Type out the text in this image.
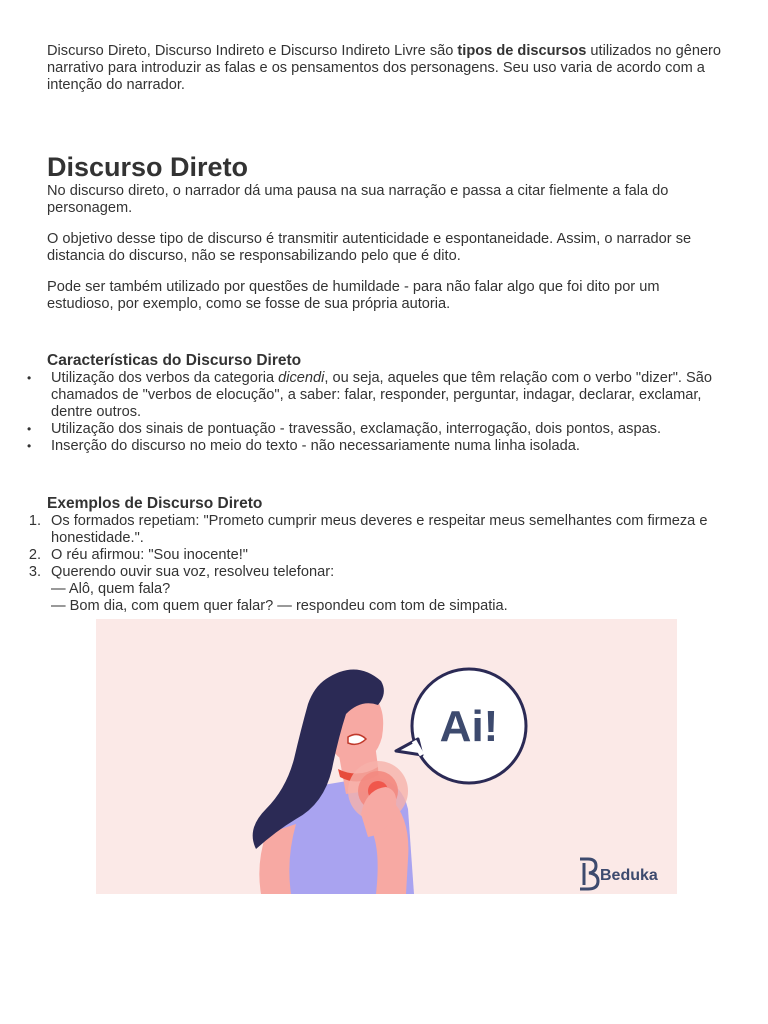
Discurso Direto, Discurso Indireto e Discurso Indireto Livre são tipos de discursos utilizados no gênero narrativo para introduzir as falas e os pensamentos dos personagens. Seu uso varia de acordo com a intenção do narrador.

Discurso Direto

No discurso direto, o narrador dá uma pausa na sua narração e passa a citar fielmente a fala do personagem.

O objetivo desse tipo de discurso é transmitir autenticidade e espontaneidade. Assim, o narrador se distancia do discurso, não se responsabilizando pelo que é dito.

Pode ser também utilizado por questões de humildade - para não falar algo que foi dito por um estudioso, por exemplo, como se fosse de sua própria autoria.

Características do Discurso Direto
• Utilização dos verbos da categoria dicendi, ou seja, aqueles que têm relação com o verbo "dizer". São chamados de "verbos de elocução", a saber: falar, responder, perguntar, indagar, declarar, exclamar, dentre outros.
• Utilização dos sinais de pontuação - travessão, exclamação, interrogação, dois pontos, aspas.
• Inserção do discurso no meio do texto - não necessariamente numa linha isolada.
Exemplos de Discurso Direto
1. Os formados repetiam: "Prometo cumprir meus deveres e respeitar meus semelhantes com firmeza e honestidade.".
2. O réu afirmou: "Sou inocente!"
3. Querendo ouvir sua voz, resolveu telefonar:
— Alô, quem fala?
— Bom dia, com quem quer falar? — respondeu com tom de simpatia.
Ai!
Beduka
